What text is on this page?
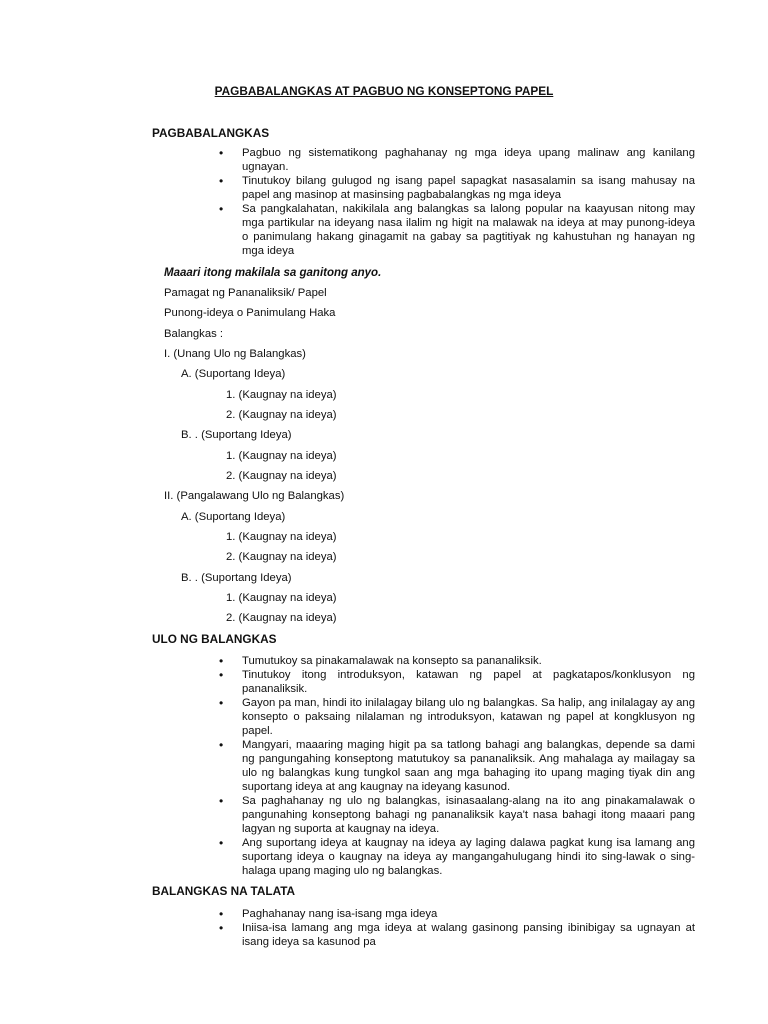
PAGBABALANGKAS AT PAGBUO NG KONSEPTONG PAPEL
PAGBABALANGKAS
• Pagbuo ng sistematikong paghahanay ng mga ideya upang malinaw ang kanilang ugnayan.
• Tinutukoy bilang gulugod ng isang papel sapagkat nasasalamin sa isang mahusay na papel ang masinop at masinsing pagbabalangkas ng mga ideya
• Sa pangkalahatan, nakikilala ang balangkas sa lalong popular na kaayusan nitong may mga partikular na ideyang nasa ilalim ng higit na malawak na ideya at may punong-ideya o panimulang hakang ginagamit na gabay sa pagtitiyak ng kahustuhan ng hanayan ng mga ideya
Maaari itong makilala sa ganitong anyo.
Pamagat ng Pananaliksik/ Papel
Punong-ideya o Panimulang Haka
Balangkas :
I. (Unang Ulo ng Balangkas)
A. (Suportang Ideya)
1. (Kaugnay na ideya)
2. (Kaugnay na ideya)
B. . (Suportang Ideya)
1. (Kaugnay na ideya)
2. (Kaugnay na ideya)
II. (Pangalawang Ulo ng Balangkas)
A. (Suportang Ideya)
1. (Kaugnay na ideya)
2. (Kaugnay na ideya)
B. . (Suportang Ideya)
1. (Kaugnay na ideya)
2. (Kaugnay na ideya)
ULO NG BALANGKAS
• Tumutukoy sa pinakamalawak na konsepto sa pananaliksik.
• Tinutukoy itong introduksyon, katawan ng papel at pagkatapos/konklusyon ng pananaliksik.
• Gayon pa man, hindi ito inilalagay bilang ulo ng balangkas. Sa halip, ang inilalagay ay ang konsepto o paksaing nilalaman ng introduksyon, katawan ng papel at kongklusyon ng papel.
• Mangyari, maaaring maging higit pa sa tatlong bahagi ang balangkas, depende sa dami ng pangungahing konseptong matutukoy sa pananaliksik. Ang mahalaga ay mailagay sa ulo ng balangkas kung tungkol saan ang mga bahaging ito upang maging tiyak din ang suportang ideya at ang kaugnay na ideyang kasunod.
• Sa paghahanay ng ulo ng balangkas, isinasaalang-alang na ito ang pinakamalawak o pangunahing konseptong bahagi ng pananaliksik kaya't nasa bahagi itong maaari pang lagyan ng suporta at kaugnay na ideya.
• Ang suportang ideya at kaugnay na ideya ay laging dalawa pagkat kung isa lamang ang suportang ideya o kaugnay na ideya ay mangangahulugang hindi ito sing-lawak o sing-halaga upang maging ulo ng balangkas.
BALANGKAS NA TALATA
• Paghahanay nang isa-isang mga ideya
• Iniisa-isa lamang ang mga ideya at walang gasinong pansing ibinibigay sa ugnayan at isang ideya sa kasunod pa
